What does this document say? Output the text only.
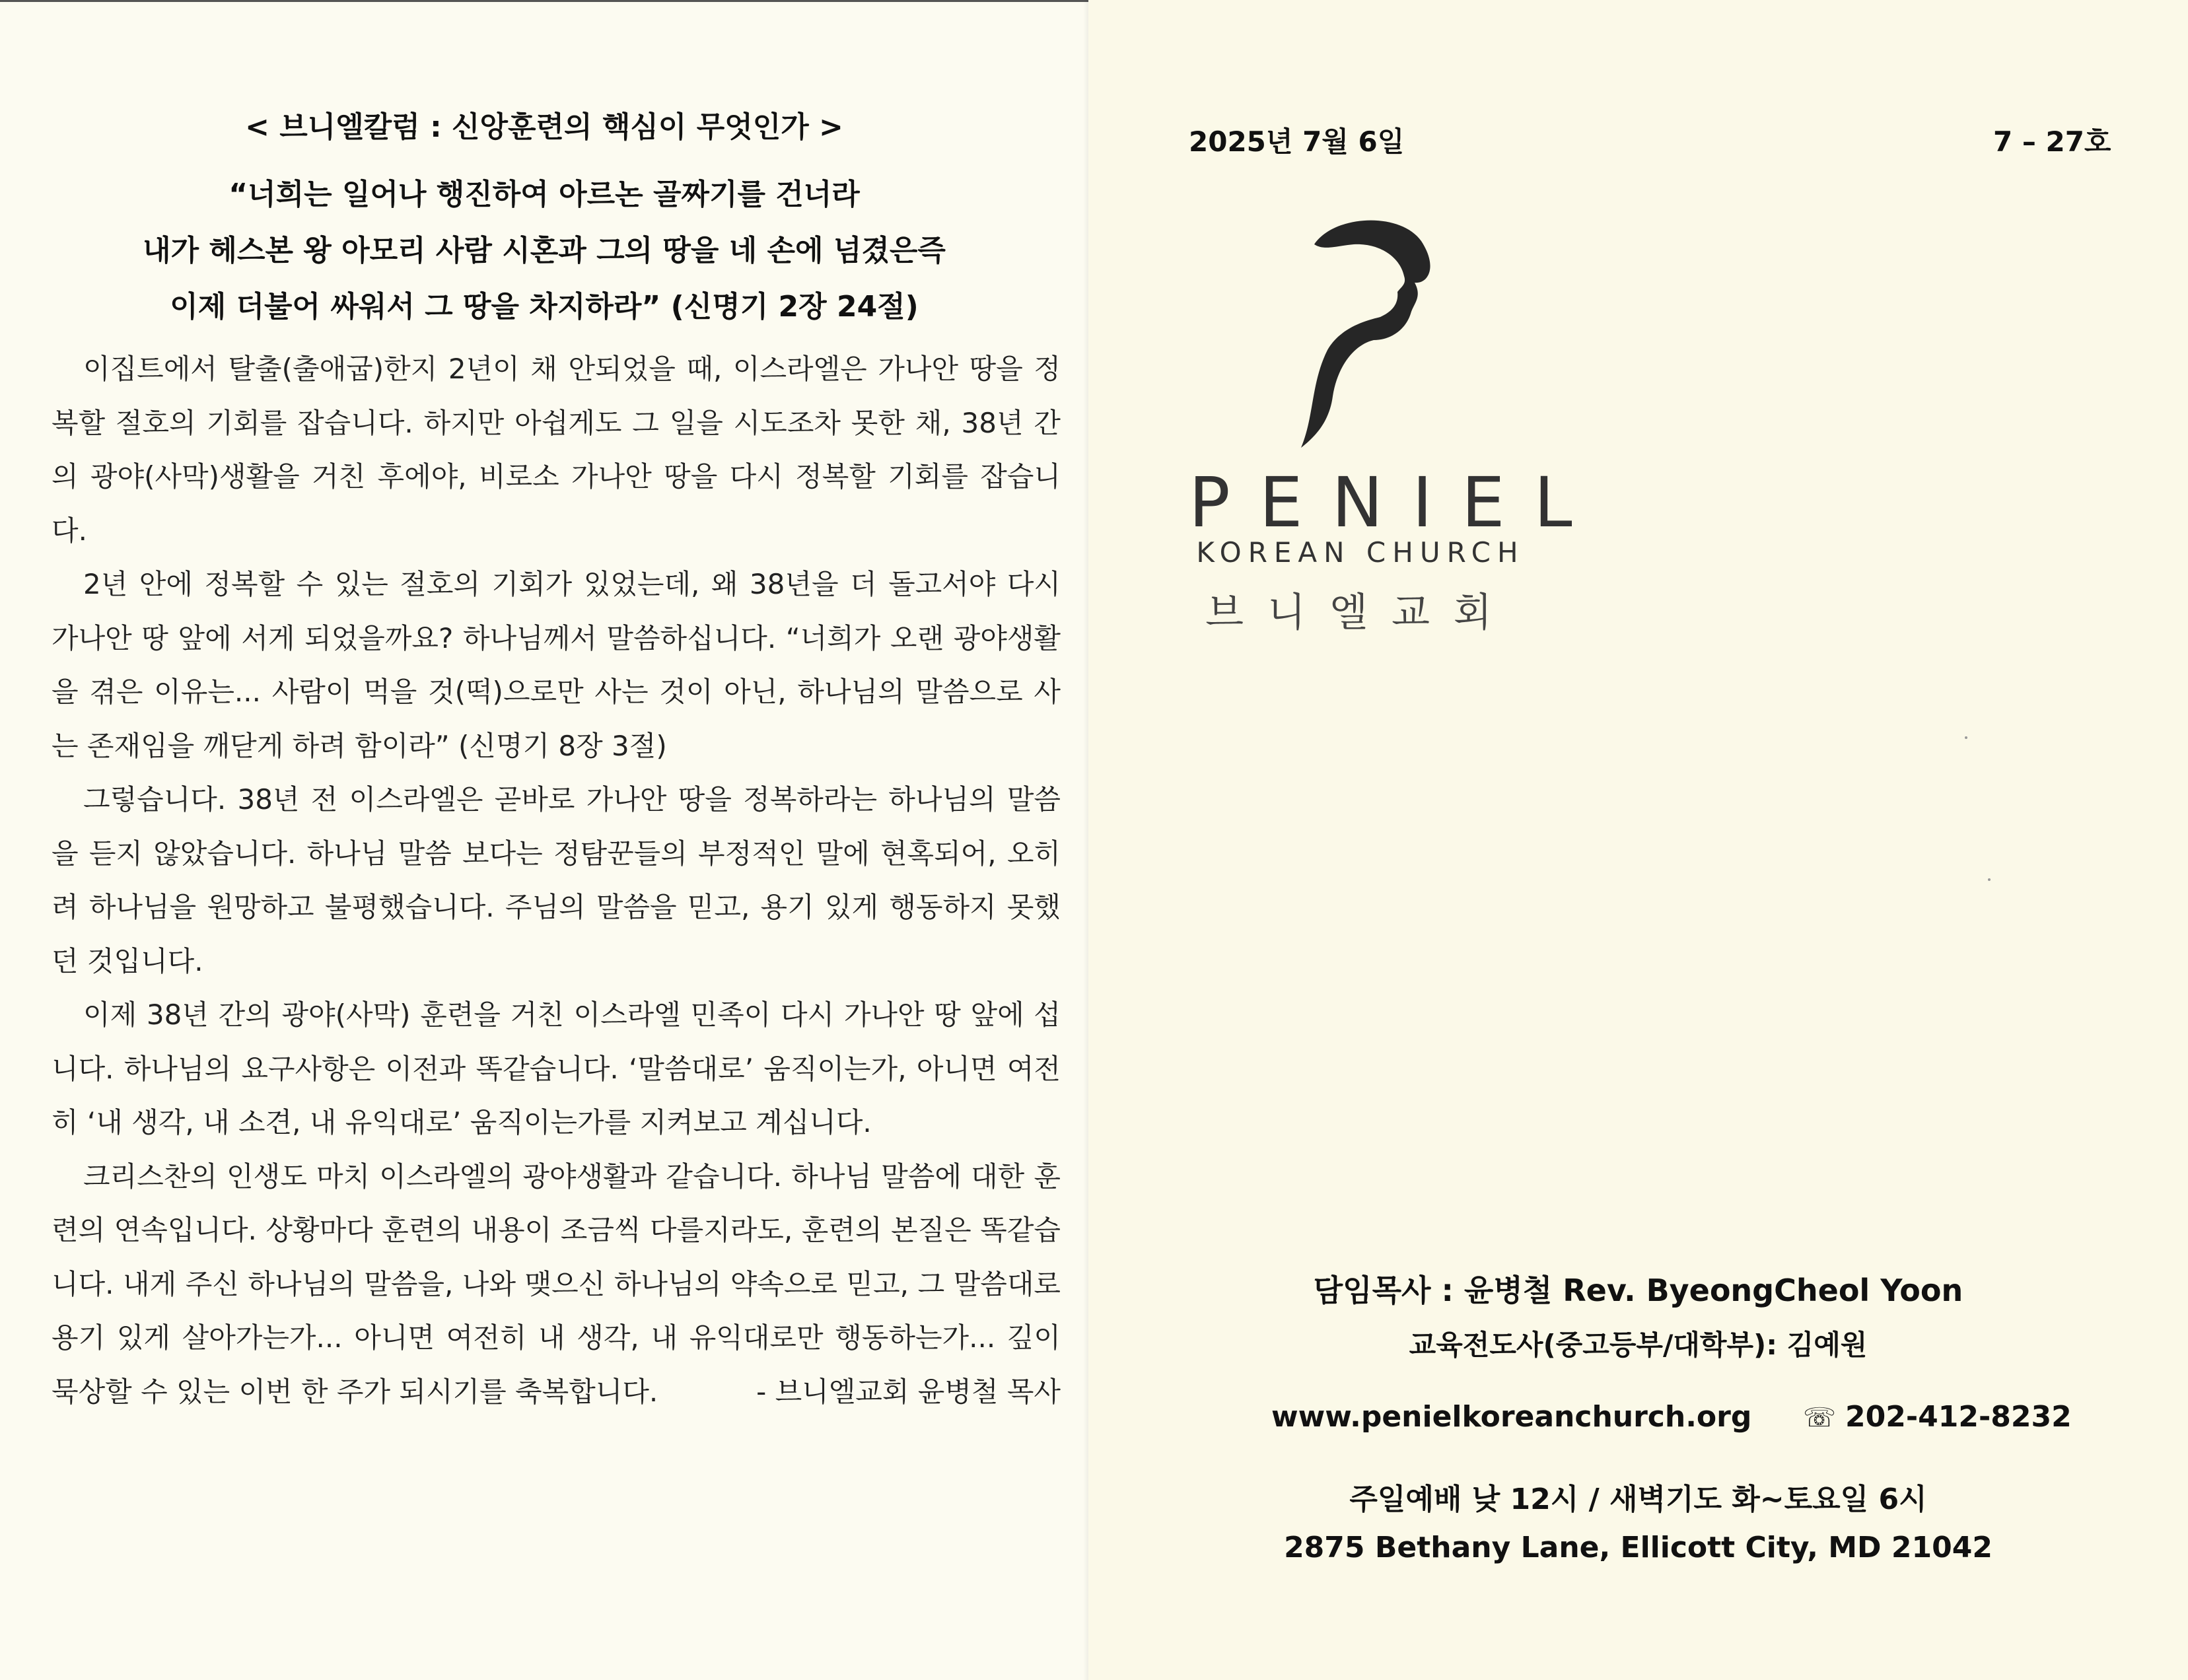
< 브니엘칼럼 : 신앙훈련의 핵심이 무엇인가 >
“너희는 일어나 행진하여 아르논 골짜기를 건너라
내가 헤스본 왕 아모리 사람 시혼과 그의 땅을 네 손에 넘겼은즉
이제 더불어 싸워서 그 땅을 차지하라” (신명기 2장 24절)

이집트에서 탈출(출애굽)한지 2년이 채 안되었을 때, 이스라엘은 가나안 땅을 정복할 절호의 기회를 잡습니다. 하지만 아쉽게도 그 일을 시도조차 못한 채, 38년 간의 광야(사막)생활을 거친 후에야, 비로소 가나안 땅을 다시 정복할 기회를 잡습니다.

2년 안에 정복할 수 있는 절호의 기회가 있었는데, 왜 38년을 더 돌고서야 다시 가나안 땅 앞에 서게 되었을까요? 하나님께서 말씀하십니다. “너희가 오랜 광야생활을 겪은 이유는... 사람이 먹을 것(떡)으로만 사는 것이 아닌, 하나님의 말씀으로 사는 존재임을 깨닫게 하려 함이라” (신명기 8장 3절)

그렇습니다. 38년 전 이스라엘은 곧바로 가나안 땅을 정복하라는 하나님의 말씀을 듣지 않았습니다. 하나님 말씀 보다는 정탐꾼들의 부정적인 말에 현혹되어, 오히려 하나님을 원망하고 불평했습니다. 주님의 말씀을 믿고, 용기 있게 행동하지 못했던 것입니다.

이제 38년 간의 광야(사막) 훈련을 거친 이스라엘 민족이 다시 가나안 땅 앞에 섭니다. 하나님의 요구사항은 이전과 똑같습니다. ‘말씀대로’ 움직이는가, 아니면 여전히 ‘내 생각, 내 소견, 내 유익대로’ 움직이는가를 지켜보고 계십니다.

크리스찬의 인생도 마치 이스라엘의 광야생활과 같습니다. 하나님 말씀에 대한 훈련의 연속입니다. 상황마다 훈련의 내용이 조금씩 다를지라도, 훈련의 본질은 똑같습니다. 내게 주신 하나님의 말씀을, 나와 맺으신 하나님의 약속으로 믿고, 그 말씀대로 용기 있게 살아가는가... 아니면 여전히 내 생각, 내 유익대로만 행동하는가... 깊이 묵상할 수 있는 이번 한 주가 되시기를 축복합니다.	- 브니엘교회 윤병철 목사

2025년 7월 6일	7 – 27호
PENIEL
KOREAN CHURCH
브니엘교회
담임목사 : 윤병철 Rev. ByeongCheol Yoon
교육전도사(중고등부/대학부): 김예원
www.penielkoreanchurch.org ☏ 202-412-8232
주일예배 낮 12시 / 새벽기도 화~토요일 6시
2875 Bethany Lane, Ellicott City, MD 21042
